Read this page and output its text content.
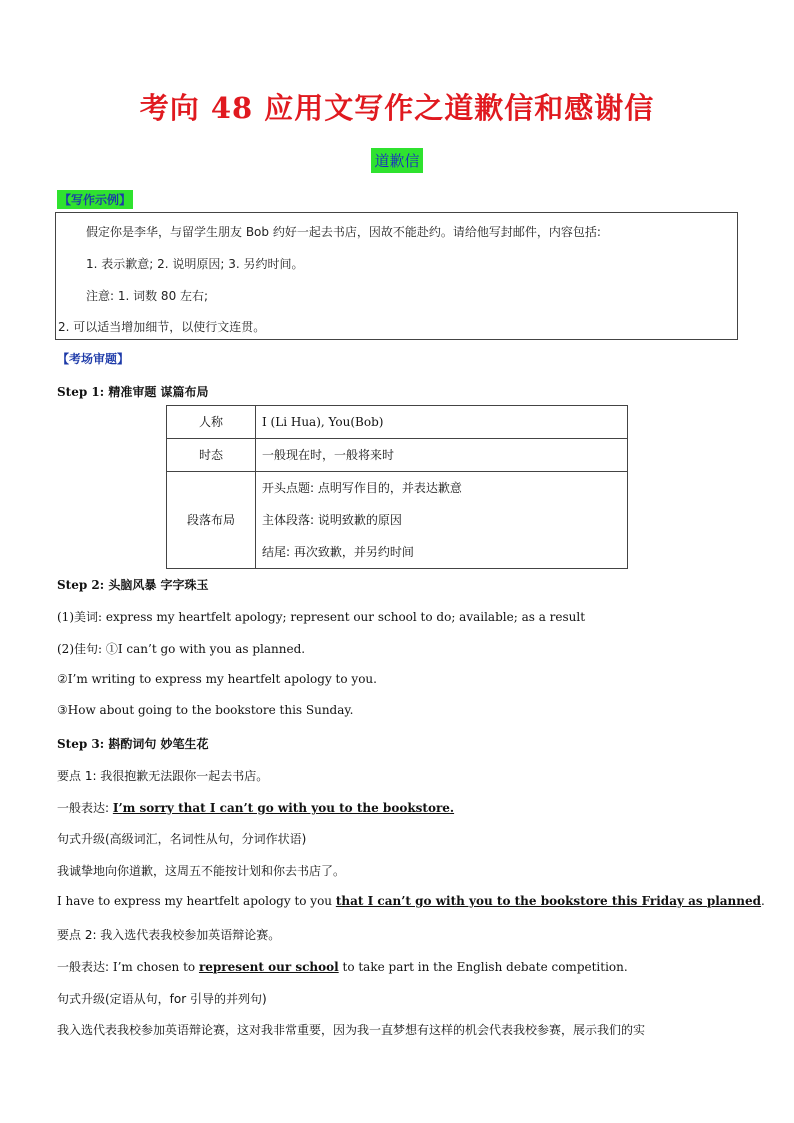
考向 48 应用文写作之道歉信和感谢信
道歉信
【写作示例】
假定你是李华，与留学生朋友 Bob 约好一起去书店，因故不能赴约。请给他写封邮件，内容包括:
1. 表示歉意; 2. 说明原因; 3. 另约时间。
注意: 1. 词数 80 左右;
2. 可以适当增加细节，以使行文连贯。
【考场审题】
Step 1: 精准审题 谋篇布局
人称	I (Li Hua), You(Bob)

时态	一般现在时，一般将来时

段落布局	开头点题: 点明写作目的，并表达歉意
主体段落: 说明致歉的原因
结尾: 再次致歉，并另约时间
Step 2: 头脑风暴 字字珠玉
(1)美词: express my heartfelt apology; represent our school to do; available; as a result
(2)佳句: ①I can’t go with you as planned.
②I’m writing to express my heartfelt apology to you.
③How about going to the bookstore this Sunday.
Step 3: 斟酌词句 妙笔生花
要点 1: 我很抱歉无法跟你一起去书店。
一般表达: I’m sorry that I can’t go with you to the bookstore.
句式升级(高级词汇，名词性从句，分词作状语)
我诚挚地向你道歉，这周五不能按计划和你去书店了。
I have to express my heartfelt apology to you that I can’t go with you to the bookstore this Friday as planned.
要点 2: 我入选代表我校参加英语辩论赛。
一般表达: I’m chosen to represent our school to take part in the English debate competition.
句式升级(定语从句，for 引导的并列句)
我入选代表我校参加英语辩论赛，这对我非常重要，因为我一直梦想有这样的机会代表我校参赛，展示我们的实
